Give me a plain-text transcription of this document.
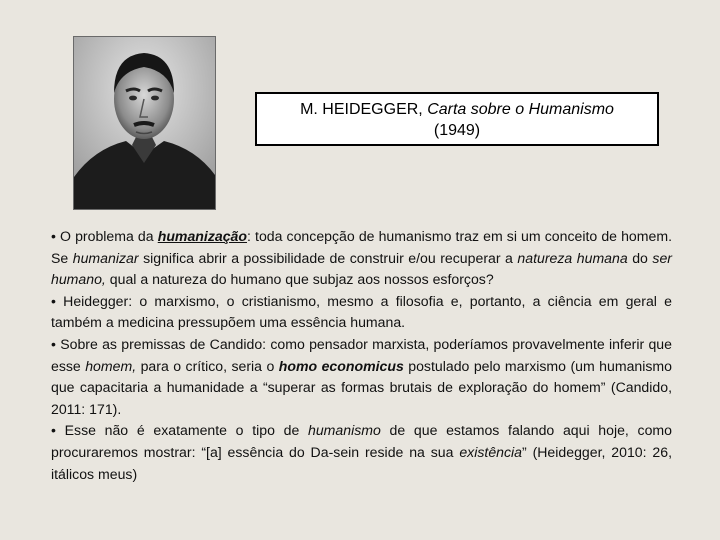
M. HEIDEGGER, Carta sobre o Humanismo
(1949)

• O problema da humanização: toda concepção de humanismo traz em si um conceito de homem. Se humanizar significa abrir a possibilidade de construir e/ou recuperar a natureza humana do ser humano, qual a natureza do humano que subjaz aos nossos esforços?

• Heidegger: o marxismo, o cristianismo, mesmo a filosofia e, portanto, a ciência em geral e também a medicina pressupõem uma essência humana.

• Sobre as premissas de Candido: como pensador marxista, poderíamos provavelmente inferir que esse homem, para o crítico, seria o homo economicus postulado pelo marxismo (um humanismo que capacitaria a humanidade a “superar as formas brutais de exploração do homem” (Candido, 2011: 171).

• Esse não é exatamente o tipo de humanismo de que estamos falando aqui hoje, como procuraremos mostrar: “[a] essência do Da-sein reside na sua existência” (Heidegger, 2010: 26, itálicos meus)
